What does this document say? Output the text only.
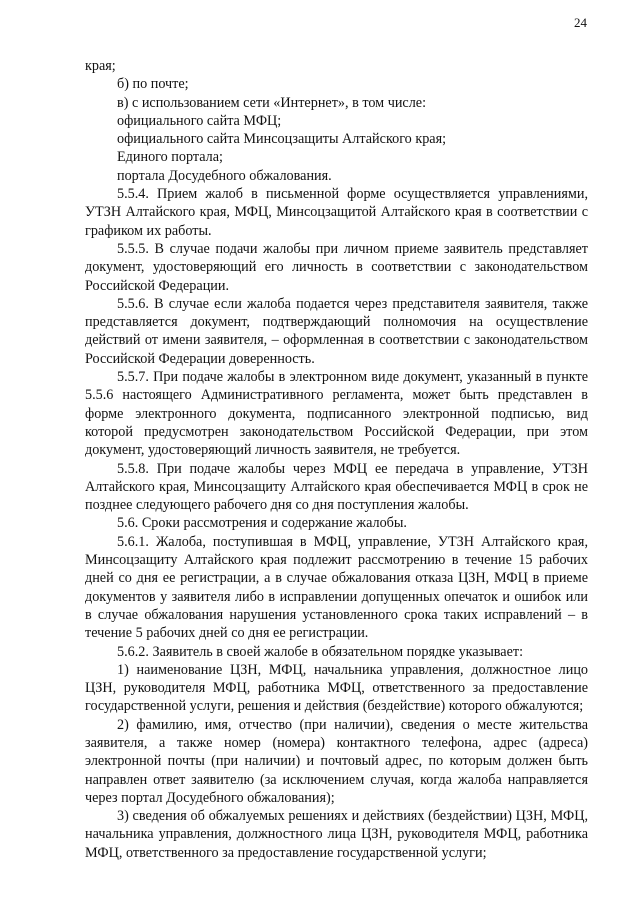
24

края;

б) по почте;

в) с использованием сети «Интернет», в том числе:

официального сайта МФЦ;

официального сайта Минсоцзащиты Алтайского края;

Единого портала;

портала Досудебного обжалования.

5.5.4. Прием жалоб в письменной форме осуществляется управлениями, УТЗН Алтайского края, МФЦ, Минсоцзащитой Алтайского края в соответствии с графиком их работы.

5.5.5. В случае подачи жалобы при личном приеме заявитель представляет документ, удостоверяющий его личность в соответствии с законодательством Российской Федерации.

5.5.6. В случае если жалоба подается через представителя заявителя, также представляется документ, подтверждающий полномочия на осуществление действий от имени заявителя, – оформленная в соответствии с законодательством Российской Федерации доверенность.

5.5.7. При подаче жалобы в электронном виде документ, указанный в пункте 5.5.6 настоящего Административного регламента, может быть представлен в форме электронного документа, подписанного электронной подписью, вид которой предусмотрен законодательством Российской Федерации, при этом документ, удостоверяющий личность заявителя, не требуется.

5.5.8. При подаче жалобы через МФЦ ее передача в управление, УТЗН Алтайского края, Минсоцзащиту Алтайского края обеспечивается МФЦ в срок не позднее следующего рабочего дня со дня поступления жалобы.

5.6. Сроки рассмотрения и содержание жалобы.

5.6.1. Жалоба, поступившая в МФЦ, управление, УТЗН Алтайского края, Минсоцзащиту Алтайского края подлежит рассмотрению в течение 15 рабочих дней со дня ее регистрации, а в случае обжалования отказа ЦЗН, МФЦ в приеме документов у заявителя либо в исправлении допущенных опечаток и ошибок или в случае обжалования нарушения установленного срока таких исправлений – в течение 5 рабочих дней со дня ее регистрации.

5.6.2. Заявитель в своей жалобе в обязательном порядке указывает:

1) наименование ЦЗН, МФЦ, начальника управления, должностное лицо ЦЗН, руководителя МФЦ, работника МФЦ, ответственного за предоставление государственной услуги, решения и действия (бездействие) которого обжалуются;

2) фамилию, имя, отчество (при наличии), сведения о месте жительства заявителя, а также номер (номера) контактного телефона, адрес (адреса) электронной почты (при наличии) и почтовый адрес, по которым должен быть направлен ответ заявителю (за исключением случая, когда жалоба направляется через портал Досудебного обжалования);

3) сведения об обжалуемых решениях и действиях (бездействии) ЦЗН, МФЦ, начальника управления, должностного лица ЦЗН, руководителя МФЦ, работника МФЦ, ответственного за предоставление государственной услуги;
